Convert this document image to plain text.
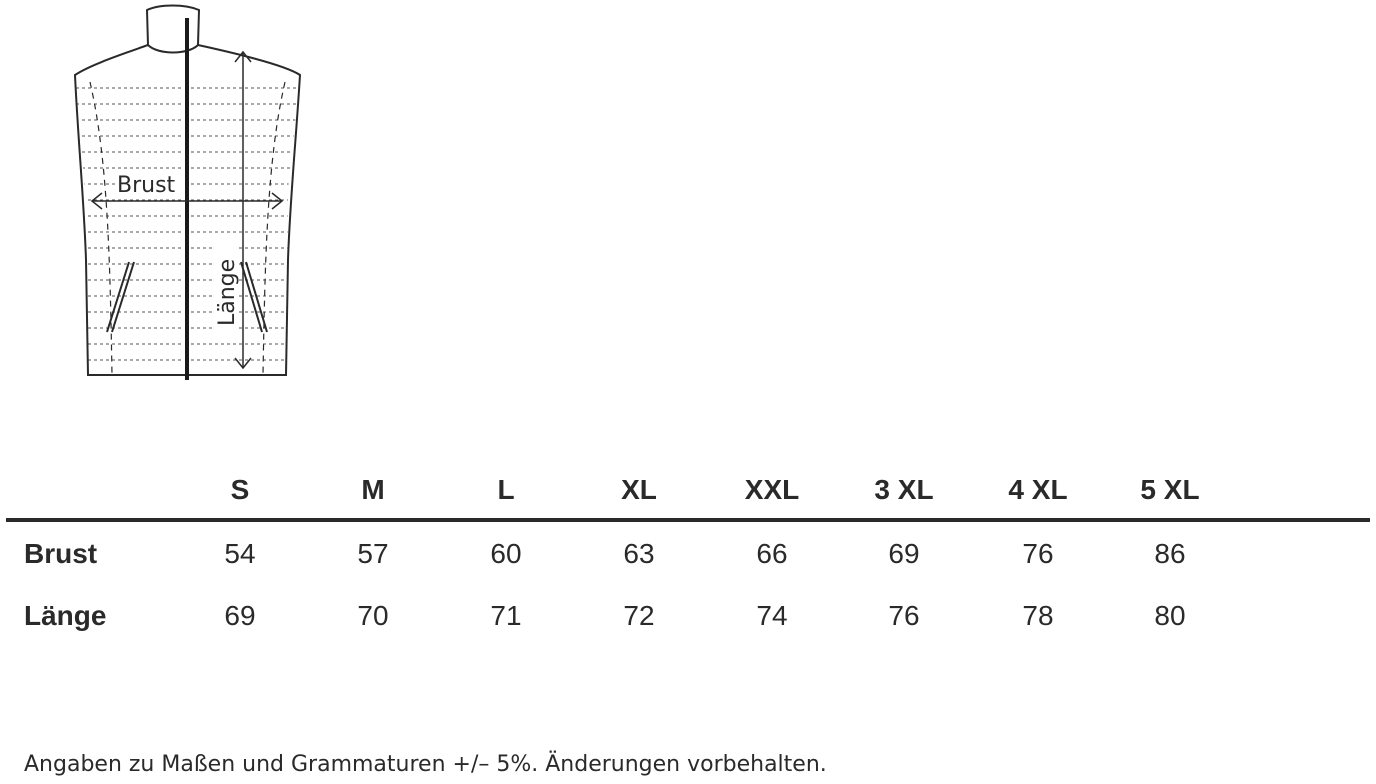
Brust
Länge
S	M	L	XL	XXL	3 XL	4 XL	5 XL
Brust	54	57	60	63	66	69	76	86
Länge	69	70	71	72	74	76	78	80
Angaben zu Maßen und Grammaturen +/– 5%. Änderungen vorbehalten.
